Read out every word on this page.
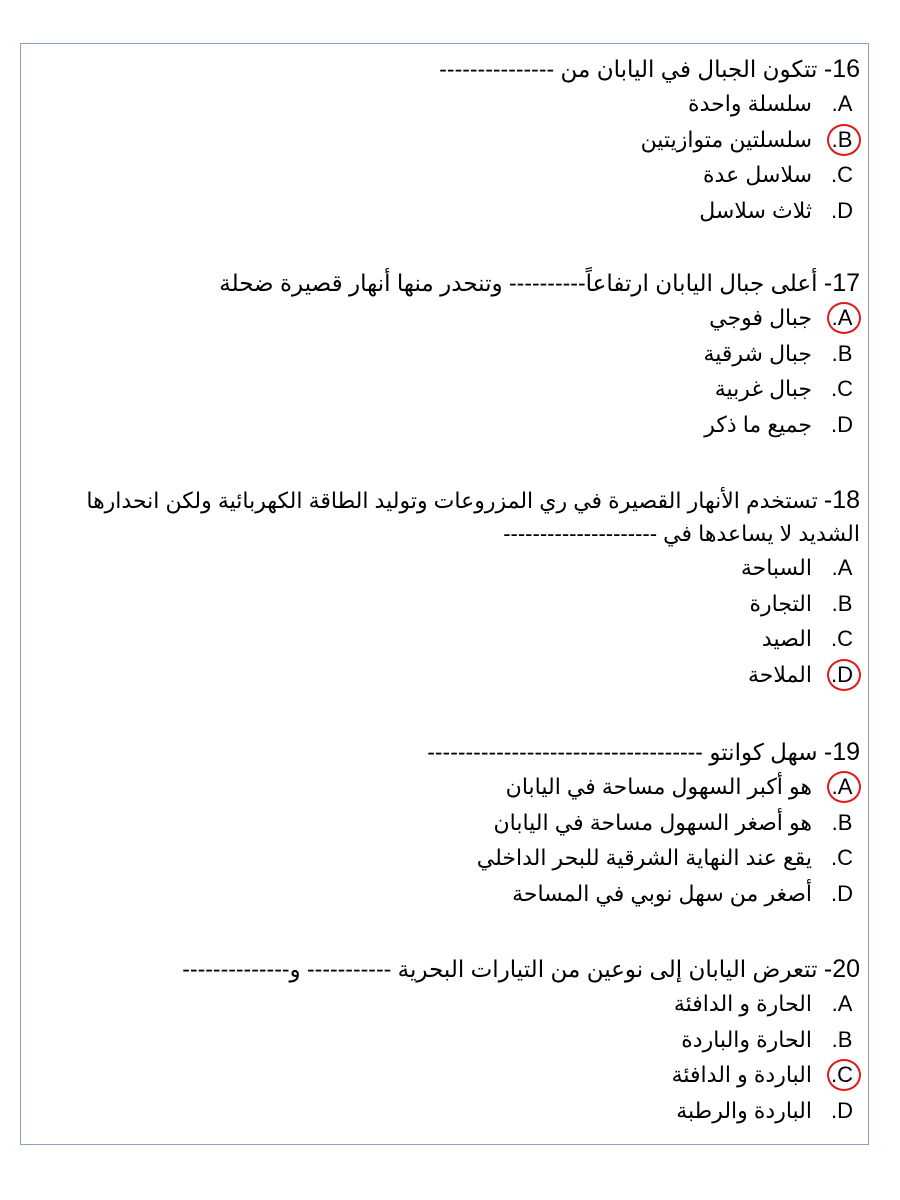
16- تتكون الجبال في اليابان من ---------------
A.سلسلة واحدة
B.
سلسلتين متوازيتين
C.سلاسل عدة
D.ثلاث سلاسل
17- أعلى جبال اليابان ارتفاعاً---------- وتنحدر منها أنهار قصيرة ضحلة
A.
جبال فوجي
B.جبال شرقية
C.جبال غربية
D.جميع ما ذكر
18- تستخدم الأنهار القصيرة في ري المزروعات وتوليد الطاقة الكهربائية ولكن انحدارها الشديد لا يساعدها في ---------------------
A.السباحة
B.التجارة
C.الصيد
D.
الملاحة
19- سهل كوانتو ------------------------------------
A.
هو أكبر السهول مساحة في اليابان
B.هو أصغر السهول مساحة في اليابان
C.يقع عند النهاية الشرقية للبحر الداخلي
D.أصغر من سهل نوبي في المساحة
20- تتعرض اليابان إلى نوعين من التيارات البحرية ----------- و--------------
A.الحارة و الدافئة
B.الحارة والباردة
C.
الباردة و الدافئة
D.الباردة والرطبة
